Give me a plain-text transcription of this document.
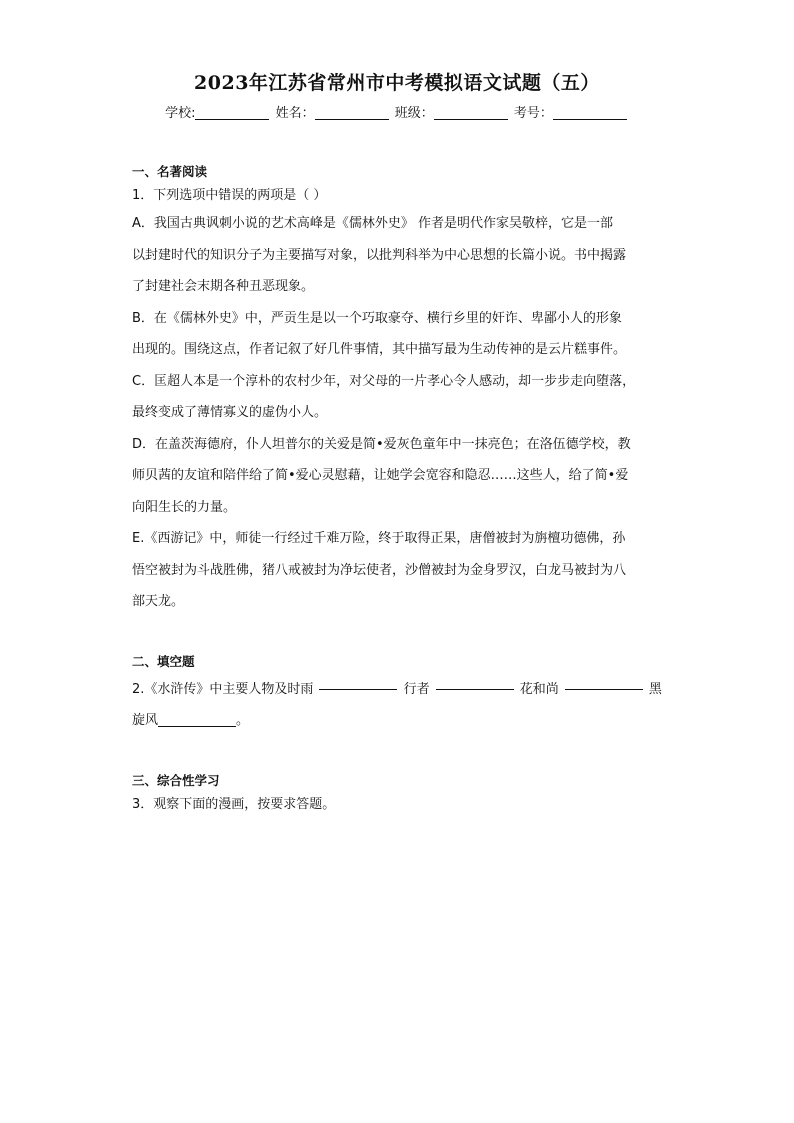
2023年江苏省常州市中考模拟语文试题（五）
学校:	姓名：	班级：	考号：

一、名著阅读

1．下列选项中错误的两项是（ ）

A．我国古典讽刺小说的艺术高峰是《儒林外史》 作者是明代作家吴敬梓，它是一部

以封建时代的知识分子为主要描写对象，以批判科举为中心思想的长篇小说。书中揭露

了封建社会末期各种丑恶现象。

B．在《儒林外史》中，严贡生是以一个巧取豪夺、横行乡里的奸诈、卑鄙小人的形象

出现的。围绕这点，作者记叙了好几件事情，其中描写最为生动传神的是云片糕事件。

C．匡超人本是一个淳朴的农村少年，对父母的一片孝心令人感动，却一步步走向堕落，

最终变成了薄情寡义的虚伪小人。

D．在盖茨海德府，仆人坦普尔的关爱是简•爱灰色童年中一抹亮色；在洛伍德学校，教

师贝茜的友谊和陪伴给了简•爱心灵慰藉，让她学会宽容和隐忍……这些人，给了简•爱

向阳生长的力量。

E.《西游记》中，师徒一行经过千难万险，终于取得正果，唐僧被封为旃檀功德佛，孙

悟空被封为斗战胜佛，猪八戒被封为净坛使者，沙僧被封为金身罗汉，白龙马被封为八

部天龙。

二、填空题

2.《水浒传》中主要人物及时雨	行者	花和尚	黑

旋风	。

三、综合性学习

3．观察下面的漫画，按要求答题。
